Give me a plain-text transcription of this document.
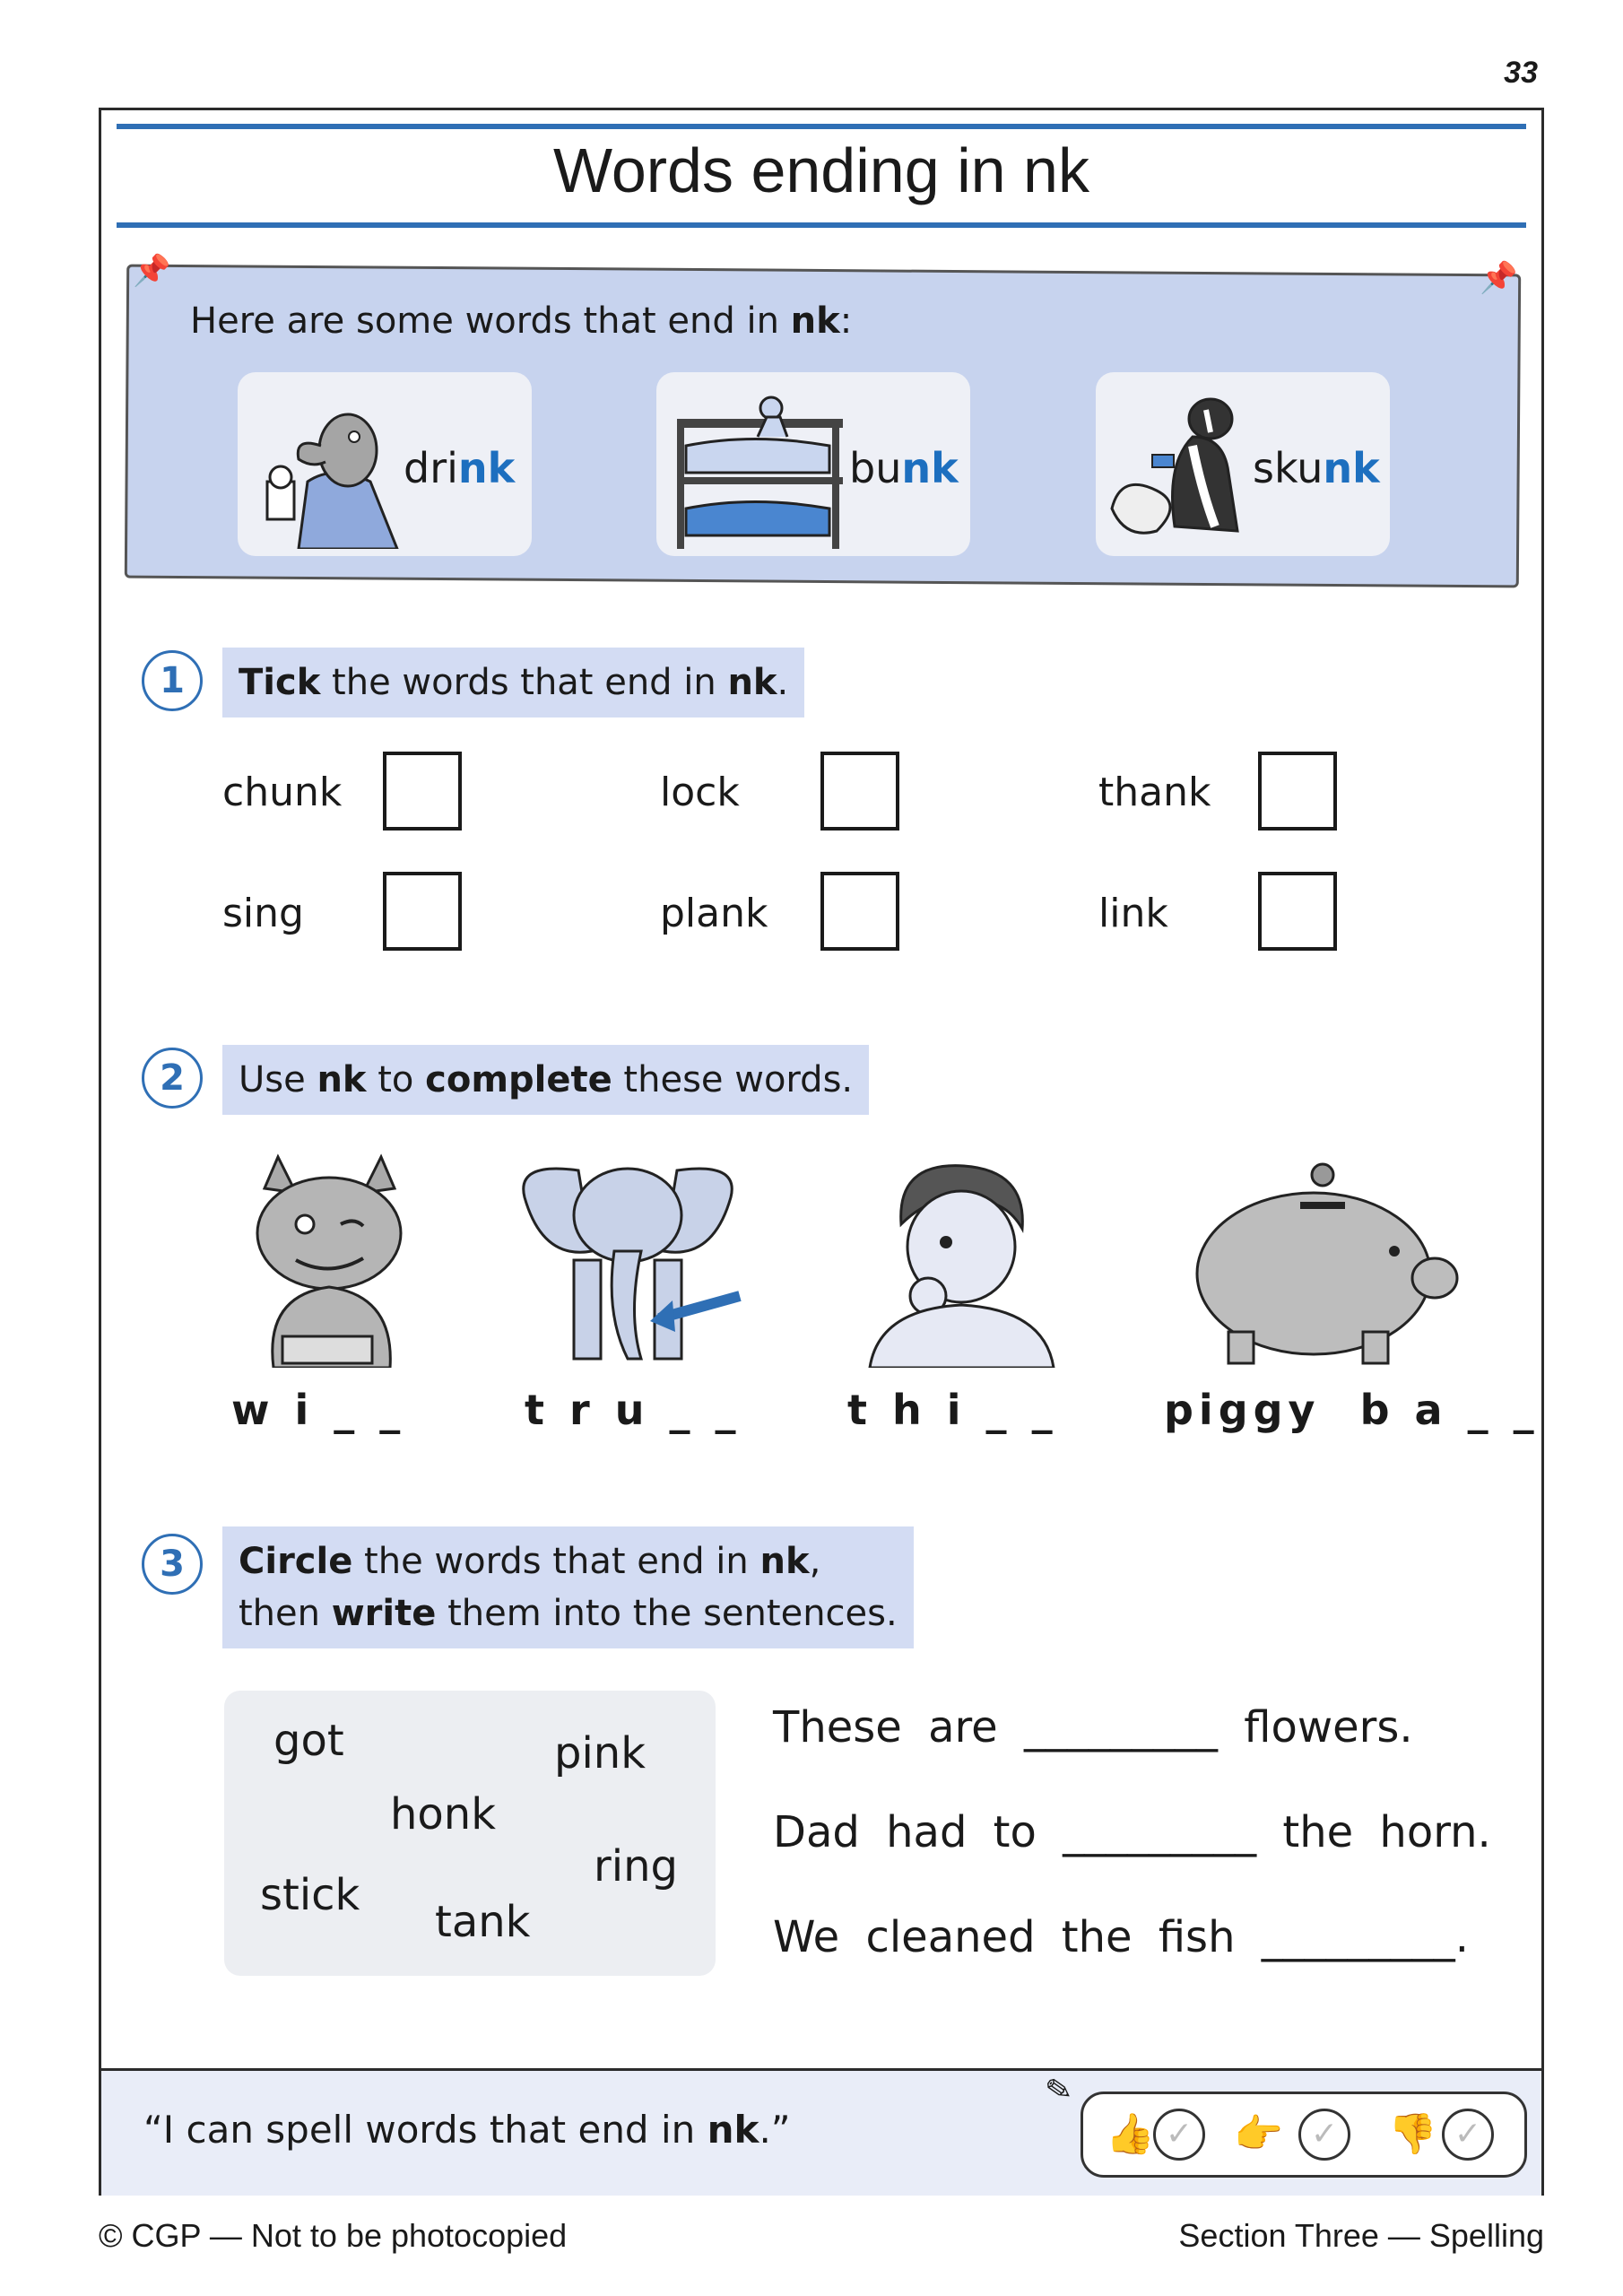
33
Words ending in nk
📌	📌
Here are some words that end in nk:
drink	bunk	skunk
1	Tick the words that end in nk.
chunk	lock	thank
sing	plank	link
2	Use nk to complete these words.
w i _ _	t r u _ _	t h i _ _	piggy  b a _ _
3	Circle the words that end in nk,
then write them into the sentences.
got	pink
honk
ring
stick
tank
These are _________ flowers.
Dad had to _________ the horn.
We cleaned the fish _________.
“I can spell words that end in nk.”
✏
👍 ✓	👉 ✓	👎 ✓
© CGP — Not to be photocopied	Section Three — Spelling
